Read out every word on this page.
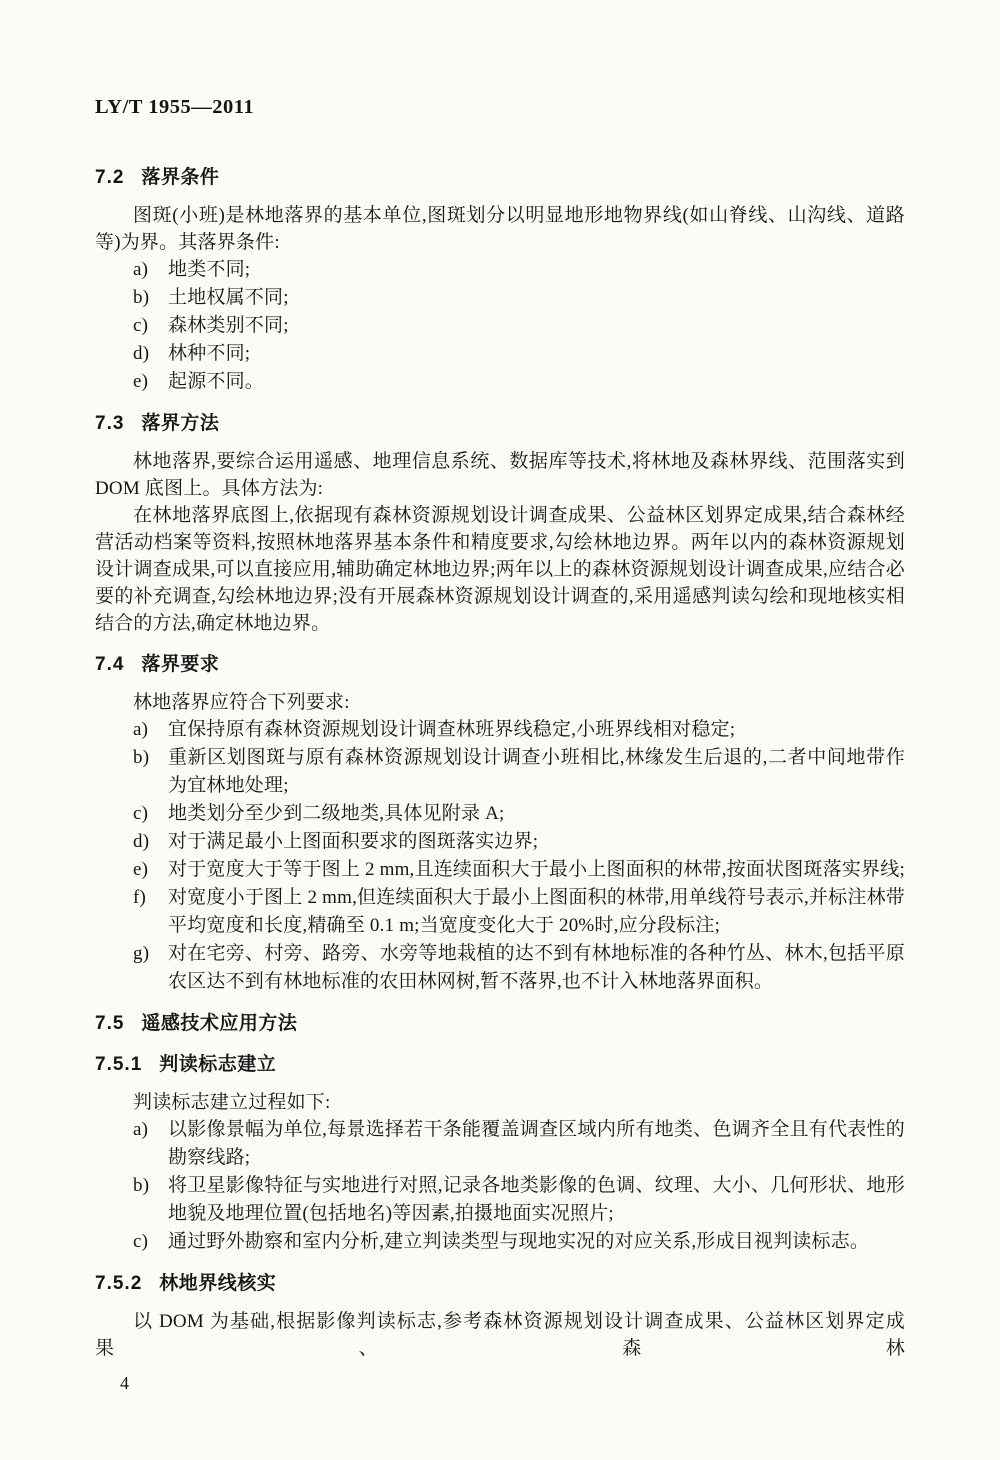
LY/T 1955—2011
7.2 落界条件

图斑(小班)是林地落界的基本单位,图斑划分以明显地形地物界线(如山脊线、山沟线、道路等)为界。其落界条件:

a)	地类不同;
b) 土地权属不同;
c)	森林类别不同;
d) 林种不同;
e)	起源不同。
7.3 落界方法

林地落界,要综合运用遥感、地理信息系统、数据库等技术,将林地及森林界线、范围落实到 DOM 底图上。具体方法为:

在林地落界底图上,依据现有森林资源规划设计调查成果、公益林区划界定成果,结合森林经营活动档案等资料,按照林地落界基本条件和精度要求,勾绘林地边界。两年以内的森林资源规划设计调查成果,可以直接应用,辅助确定林地边界;两年以上的森林资源规划设计调查成果,应结合必要的补充调查,勾绘林地边界;没有开展森林资源规划设计调查的,采用遥感判读勾绘和现地核实相结合的方法,确定林地边界。

7.4 落界要求

林地落界应符合下列要求:

a)	宜保持原有森林资源规划设计调查林班界线稳定,小班界线相对稳定;
b) 重新区划图斑与原有森林资源规划设计调查小班相比,林缘发生后退的,二者中间地带作为宜林地处理;
c)	地类划分至少到二级地类,具体见附录 A;
d) 对于满足最小上图面积要求的图斑落实边界;
e)	对于宽度大于等于图上 2 mm,且连续面积大于最小上图面积的林带,按面状图斑落实界线;
f)	对宽度小于图上 2 mm,但连续面积大于最小上图面积的林带,用单线符号表示,并标注林带平均宽度和长度,精确至 0.1 m;当宽度变化大于 20%时,应分段标注;
g) 对在宅旁、村旁、路旁、水旁等地栽植的达不到有林地标准的各种竹丛、林木,包括平原农区达不到有林地标准的农田林网树,暂不落界,也不计入林地落界面积。
7.5 遥感技术应用方法
7.5.1 判读标志建立

判读标志建立过程如下:

a)	以影像景幅为单位,每景选择若干条能覆盖调查区域内所有地类、色调齐全且有代表性的勘察线路;
b) 将卫星影像特征与实地进行对照,记录各地类影像的色调、纹理、大小、几何形状、地形地貌及地理位置(包括地名)等因素,拍摄地面实况照片;
c)	通过野外勘察和室内分析,建立判读类型与现地实况的对应关系,形成目视判读标志。
7.5.2 林地界线核实

以 DOM 为基础,根据影像判读标志,参考森林资源规划设计调查成果、公益林区划界定成果、森林

4
